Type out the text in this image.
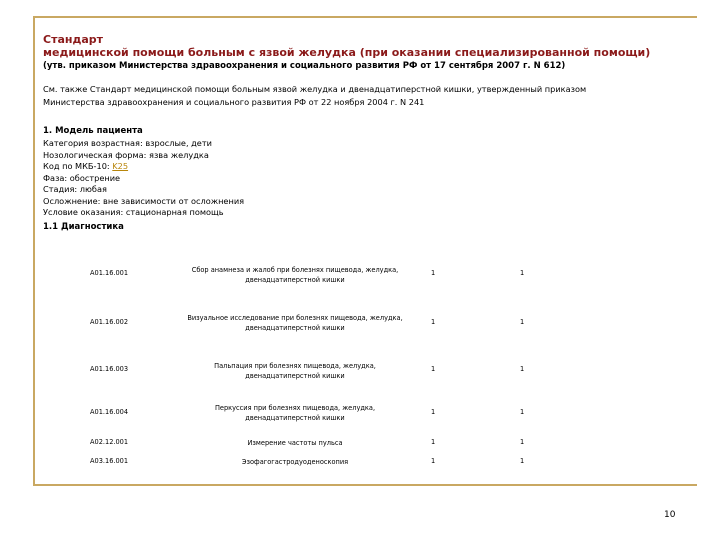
Стандарт
медицинской помощи больным с язвой желудка (при оказании специализированной помощи)
(утв. приказом Министерства здравоохранения и социального развития РФ от 17 сентября 2007 г. N 612)
См. также Стандарт медицинской помощи больным язвой желудка и двенадцатиперстной кишки, утвержденный приказом
Министерства здравоохранения и социального развития РФ от 22 ноября 2004 г. N 241
1. Модель пациента
Категория возрастная: взрослые, дети
Нозологическая форма: язва желудка
Код по МКБ-10: K25
Фаза: обострение
Стадия: любая
Осложнение: вне зависимости от осложнения
Условие оказания: стационарная помощь
1.1 Диагностика
A01.16.001	Сбор анамнеза и жалоб при болезнях пищевода, желудка,
двенадцатиперстной кишки
1	1
A01.16.002	Визуальное исследование при болезнях пищевода, желудка,
двенадцатиперстной кишки
1	1
A01.16.003	Пальпация при болезнях пищевода, желудка,
двенадцатиперстной кишки
1	1
A01.16.004	Перкуссия при болезнях пищевода, желудка,
двенадцатиперстной кишки
1	1
A02.12.001	Измерение частоты пульса	1	1
A03.16.001	Эзофагогастродуоденоскопия	1	1
10
